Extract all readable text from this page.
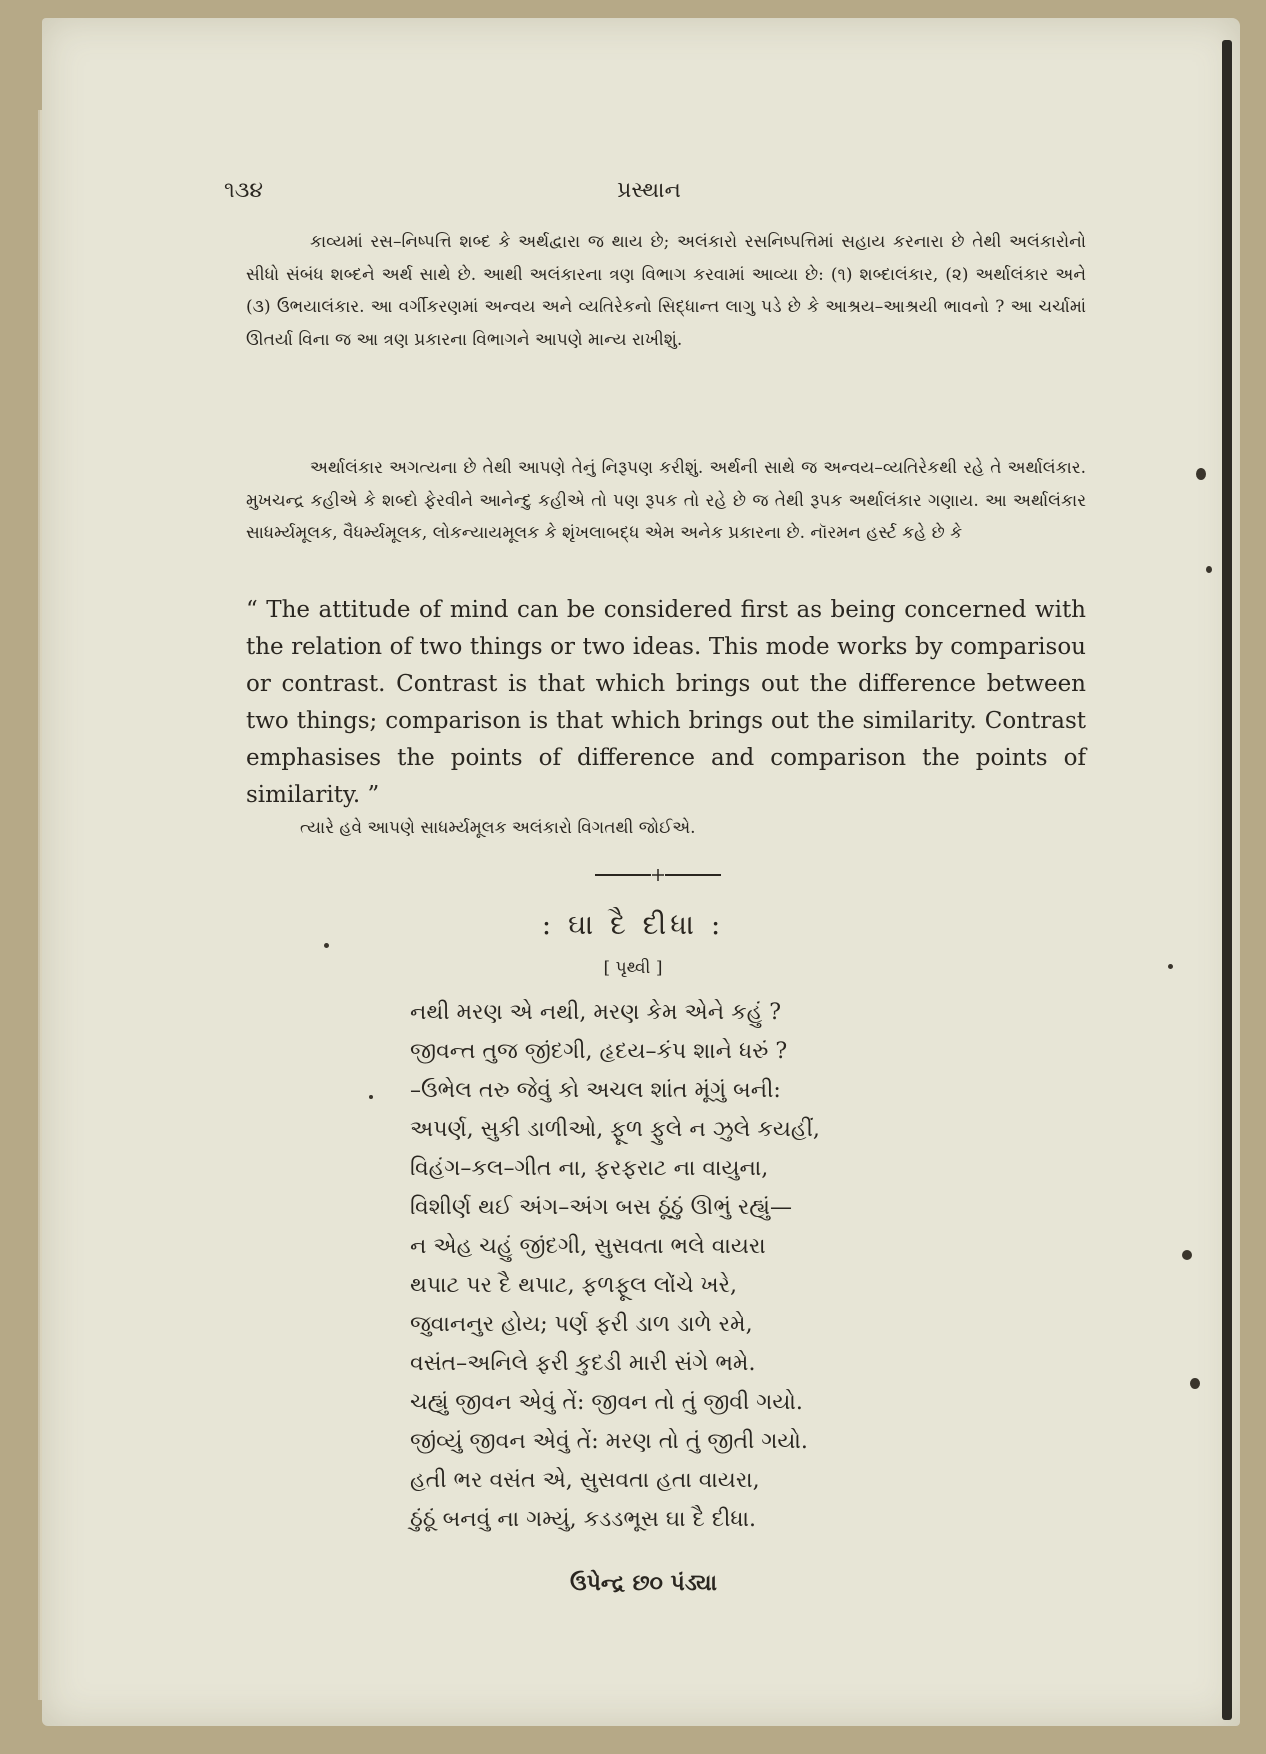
૧૩૪	પ્રસ્થાન

કાવ્યમાં રસ–નિષ્પત્તિ શબ્દ કે અર્થદ્વારા જ થાય છે; અલંકારો રસનિષ્પત્તિમાં સહાય કરનારા છે તેથી અલંકારોનો સીધો સંબંધ શબ્દને અર્થ સાથે છે. આથી અલંકારના ત્રણ વિભાગ કરવામાં આવ્યા છે: (૧) શબ્દાલંકાર, (૨) અર્થાલંકાર અને (૩) ઉભયાલંકાર. આ વર્ગીકરણમાં અન્વય અને વ્યતિરેકનો સિદ્ધાન્ત લાગુ પડે છે કે આશ્રય–આશ્રયી ભાવનો ? આ ચર્ચામાં ઊતર્યા વિના જ આ ત્રણ પ્રકારના વિભાગને આપણે માન્ય રાખીશું.

અર્થાલંકાર અગત્યના છે તેથી આપણે તેનું નિરૂપણ કરીશું. અર્થની સાથે જ અન્વય–વ્યતિરેકથી રહે તે અર્થાલંકાર. મુખચન્દ્ર કહીએ કે શબ્દો ફેરવીને આનેન્દુ કહીએ તો પણ રૂપક તો રહે છે જ તેથી રૂપક અર્થાલંકાર ગણાય. આ અર્થાલંકાર સાધર્મ્યમૂલક, વૈધર્મ્યમૂલક, લોકન્યાયમૂલક કે શૃંખલાબદ્ધ એમ અનેક પ્રકારના છે. નૉરમન હર્સ્ટ કહે છે કે

“ The attitude of mind can be considered first as being concerned with the relation of two things or two ideas. This mode works by comparisou or contrast. Contrast is that which brings out the difference between two things; comparison is that which brings out the similarity. Contrast emphasises the points of difference and comparison the points of similarity. ”

ત્યારે હવે આપણે સાધર્મ્યમૂલક અલંકારો વિગતથી જોઈએ.

: ઘા દૈ દીધા :
[ પૃથ્વી ]
નથી મરણ એ નથી, મરણ કેમ એને કહું ?
જીવન્ત તુજ જીંદગી, હૃદય–કંપ શાને ધરું ?
–ઉભેલ તરુ જેવું કો અચલ શાંત મૂંગું બની:
અપર્ણ, સુકી ડાળીઓ, ફૂળ ફુલે ન ઝુલે કયહીં,
વિહંગ–કલ–ગીત ના, ફરફરાટ ના વાયુના,
વિશીર્ણ થઈ અંગ–અંગ બસ ઠૂંઠું ઊભું રહ્યું—
ન એહ ચહું જીંદગી, સુસવતા ભલે વાયરા
થપાટ પર દૈ થપાટ, ફળફૂલ લોંચે ખરે,
જુવાનનુર હોય; પર્ણ ફરી ડાળ ડાળે રમે,
વસંત–અનિલે ફરી કુદડી મારી સંગે ભમે.
ચહ્યું જીવન એવું તેં: જીવન તો તું જીવી ગયો.
જીંવ્યું જીવન એવું તેં: મરણ તો તું જીતી ગયો.
હતી ભર વસંત એ, સુસવતા હતા વાયરા,
ઠુંઠૂં બનવું ના ગમ્યું, કડડભૂસ ઘા દૈ દીધા.
ઉપેન્દ્ર છ૦ પંડ્યા
